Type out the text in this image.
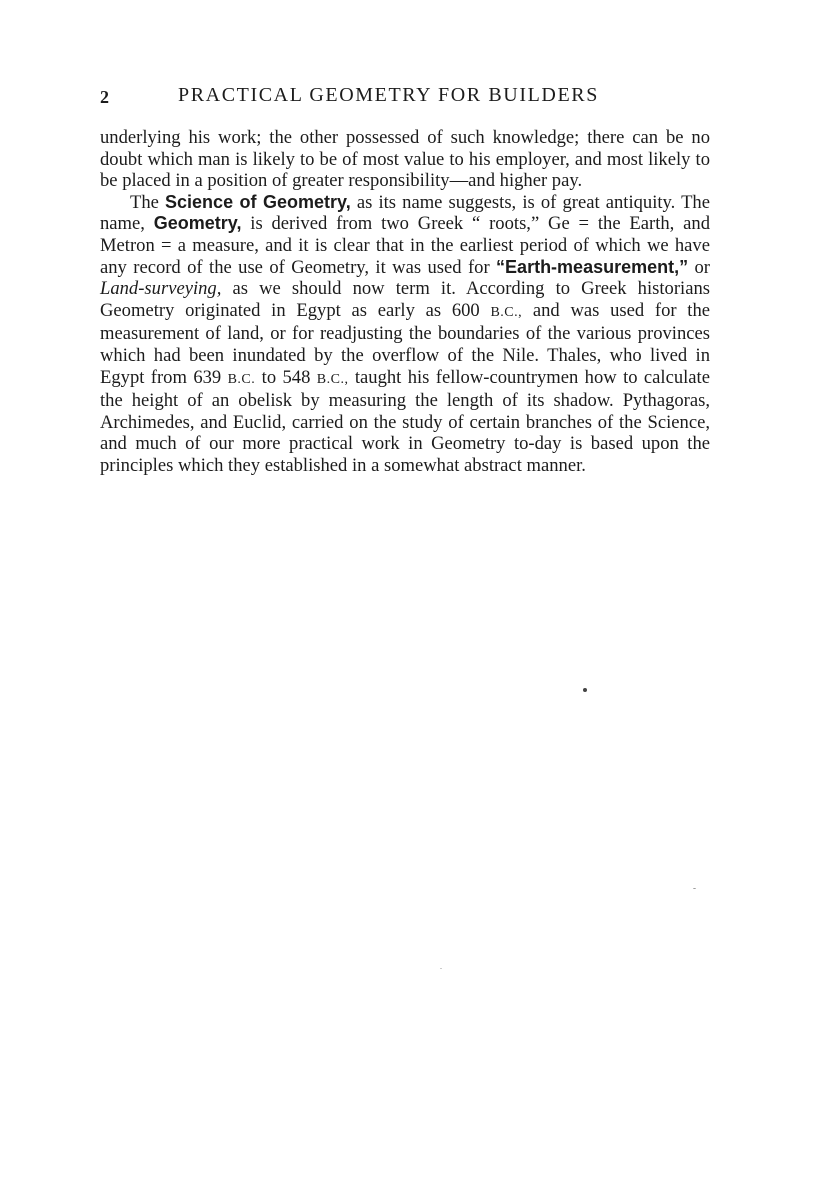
2	PRACTICAL GEOMETRY FOR BUILDERS

underlying his work; the other possessed of such knowledge; there can be no doubt which man is likely to be of most value to his employer, and most likely to be placed in a position of greater responsibility—and higher pay.

The Science of Geometry, as its name suggests, is of great antiquity. The name, Geometry, is derived from two Greek “ roots,” Ge = the Earth, and Metron = a measure, and it is clear that in the earliest period of which we have any record of the use of Geometry, it was used for “Earth-measurement,” or Land-surveying, as we should now term it. According to Greek historians Geometry originated in Egypt as early as 600 B.C., and was used for the measurement of land, or for readjusting the boundaries of the various provinces which had been inundated by the overflow of the Nile. Thales, who lived in Egypt from 639 B.C. to 548 B.C., taught his fellow-countrymen how to calculate the height of an obelisk by measuring the length of its shadow. Pythagoras, Archimedes, and Euclid, carried on the study of certain branches of the Science, and much of our more practical work in Geometry to-day is based upon the principles which they established in a somewhat abstract manner.
